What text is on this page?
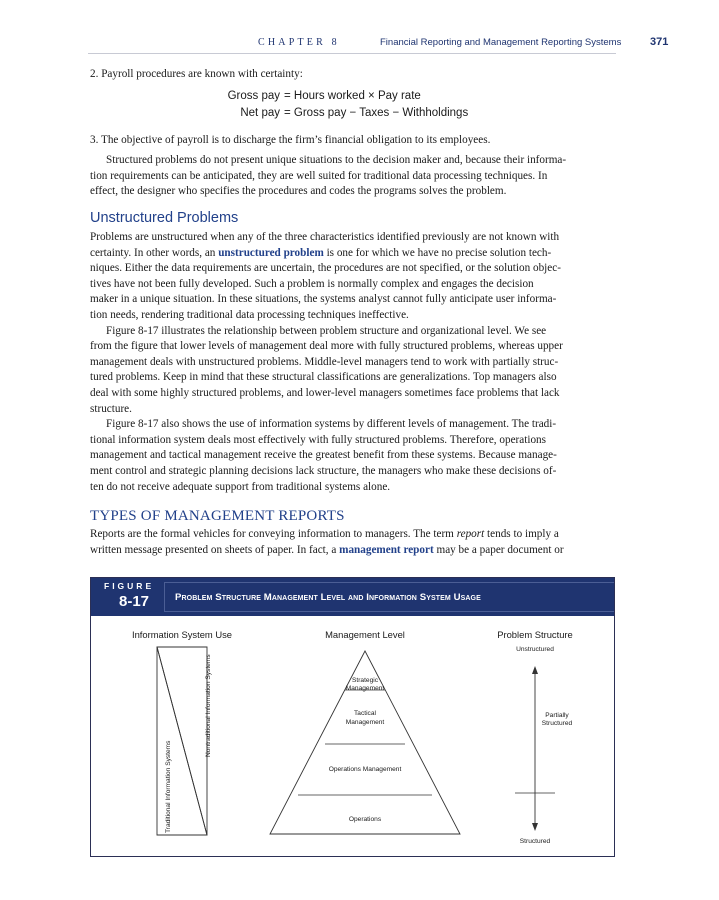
CHAPTER 8	Financial Reporting and Management Reporting Systems	371
2. Payroll procedures are known with certainty:
Gross pay = Hours worked × Pay rate
Net pay = Gross pay − Taxes − Withholdings
3. The objective of payroll is to discharge the firm’s financial obligation to its employees.
Structured problems do not present unique situations to the decision maker and, because their informa-
tion requirements can be anticipated, they are well suited for traditional data processing techniques. In
effect, the designer who specifies the procedures and codes the programs solves the problem.
Unstructured Problems
Problems are unstructured when any of the three characteristics identified previously are not known with
certainty. In other words, an unstructured problem is one for which we have no precise solution tech-
niques. Either the data requirements are uncertain, the procedures are not specified, or the solution objec-
tives have not been fully developed. Such a problem is normally complex and engages the decision
maker in a unique situation. In these situations, the systems analyst cannot fully anticipate user informa-
tion needs, rendering traditional data processing techniques ineffective.
Figure 8-17 illustrates the relationship between problem structure and organizational level. We see
from the figure that lower levels of management deal more with fully structured problems, whereas upper
management deals with unstructured problems. Middle-level managers tend to work with partially struc-
tured problems. Keep in mind that these structural classifications are generalizations. Top managers also
deal with some highly structured problems, and lower-level managers sometimes face problems that lack
structure.
Figure 8-17 also shows the use of information systems by different levels of management. The tradi-
tional information system deals most effectively with fully structured problems. Therefore, operations
management and tactical management receive the greatest benefit from these systems. Because manage-
ment control and strategic planning decisions lack structure, the managers who make these decisions of-
ten do not receive adequate support from traditional systems alone.
TYPES OF MANAGEMENT REPORTS
Reports are the formal vehicles for conveying information to managers. The term report tends to imply a
written message presented on sheets of paper. In fact, a management report may be a paper document or
FIGURE
8-17	Problem Structure Management Level and Information System Usage
Information System Use	Management Level	Problem Structure
Traditional Information Systems
Nontraditional Information Systems	Strategic
Management
Tactical
Management
Operations Management
Operations
Unstructured
Partially
Structured
Structured
